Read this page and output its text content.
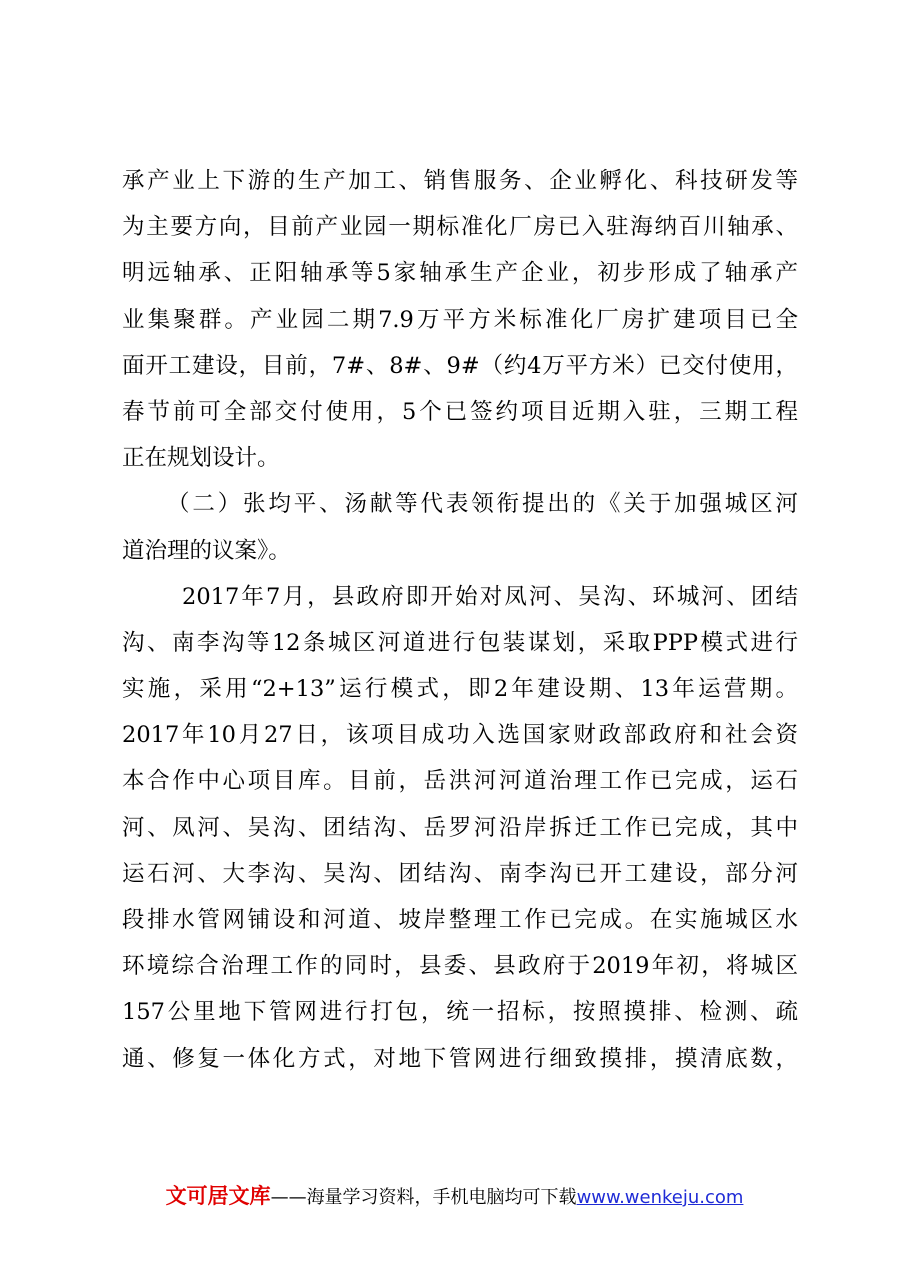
承产业上下游的生产加工、销售服务、企业孵化、科技研发等
为主要方向，目前产业园一期标准化厂房已入驻海纳百川轴承、
明远轴承、正阳轴承等5家轴承生产企业，初步形成了轴承产
业集聚群。产业园二期7.9万平方米标准化厂房扩建项目已全
面开工建设，目前，7#、8#、9#（约4万平方米）已交付使用，
春节前可全部交付使用，5个已签约项目近期入驻，三期工程
正在规划设计。
（二）张均平、汤献等代表领衔提出的《关于加强城区河
道治理的议案》。
2017年7月，县政府即开始对凤河、吴沟、环城河、团结
沟、南李沟等12条城区河道进行包装谋划，采取PPP模式进行
实施，采用“2+13”运行模式，即2年建设期、13年运营期。
2017年10月27日，该项目成功入选国家财政部政府和社会资
本合作中心项目库。目前，岳洪河河道治理工作已完成，运石
河、凤河、吴沟、团结沟、岳罗河沿岸拆迁工作已完成，其中
运石河、大李沟、吴沟、团结沟、南李沟已开工建设，部分河
段排水管网铺设和河道、坡岸整理工作已完成。在实施城区水
环境综合治理工作的同时，县委、县政府于2019年初，将城区
157公里地下管网进行打包，统一招标，按照摸排、检测、疏
通、修复一体化方式，对地下管网进行细致摸排，摸清底数，
文可居文库——海量学习资料，手机电脑均可下载www.wenkeju.com
